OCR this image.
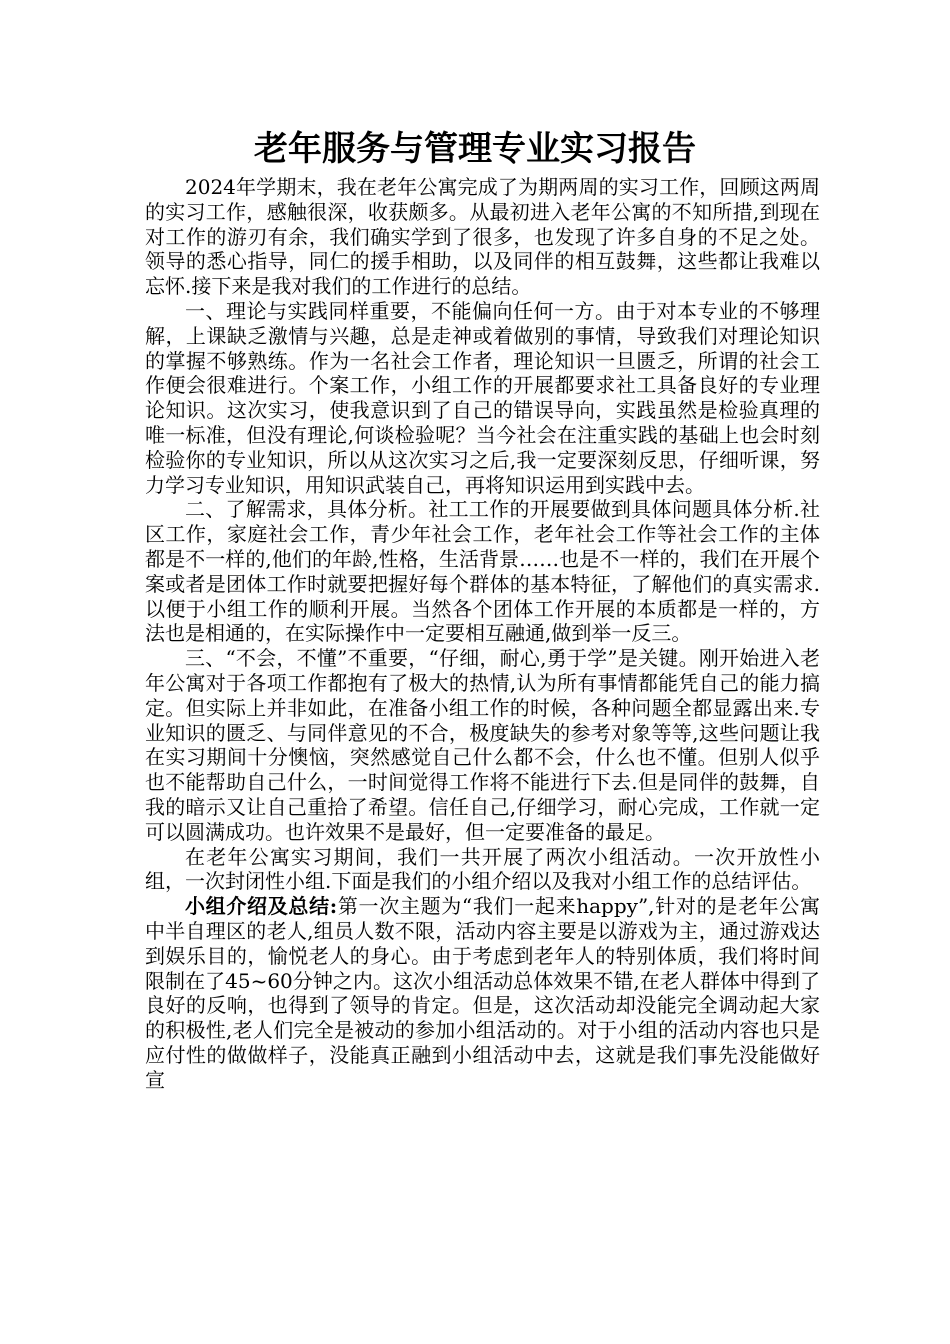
老年服务与管理专业实习报告

2024年学期末，我在老年公寓完成了为期两周的实习工作，回顾这两周的实习工作，感触很深，收获颇多。从最初进入老年公寓的不知所措,到现在对工作的游刃有余，我们确实学到了很多，也发现了许多自身的不足之处。领导的悉心指导，同仁的援手相助，以及同伴的相互鼓舞，这些都让我难以忘怀.接下来是我对我们的工作进行的总结。

一、理论与实践同样重要，不能偏向任何一方。由于对本专业的不够理解，上课缺乏激情与兴趣，总是走神或着做别的事情，导致我们对理论知识的掌握不够熟练。作为一名社会工作者，理论知识一旦匮乏，所谓的社会工作便会很难进行。个案工作，小组工作的开展都要求社工具备良好的专业理论知识。这次实习，使我意识到了自己的错误导向，实践虽然是检验真理的唯一标准，但没有理论,何谈检验呢？当今社会在注重实践的基础上也会时刻检验你的专业知识，所以从这次实习之后,我一定要深刻反思，仔细听课，努力学习专业知识，用知识武装自己，再将知识运用到实践中去。

二、了解需求，具体分析。社工工作的开展要做到具体问题具体分析.社区工作，家庭社会工作，青少年社会工作，老年社会工作等社会工作的主体都是不一样的,他们的年龄,性格，生活背景……也是不一样的，我们在开展个案或者是团体工作时就要把握好每个群体的基本特征，了解他们的真实需求.以便于小组工作的顺利开展。当然各个团体工作开展的本质都是一样的，方法也是相通的，在实际操作中一定要相互融通,做到举一反三。

三、“不会，不懂”不重要，“仔细，耐心,勇于学”是关键。刚开始进入老年公寓对于各项工作都抱有了极大的热情,认为所有事情都能凭自己的能力搞定。但实际上并非如此，在准备小组工作的时候，各种问题全都显露出来.专业知识的匮乏、与同伴意见的不合，极度缺失的参考对象等等,这些问题让我在实习期间十分懊恼，突然感觉自己什么都不会，什么也不懂。但别人似乎也不能帮助自己什么，一时间觉得工作将不能进行下去.但是同伴的鼓舞，自我的暗示又让自己重拾了希望。信任自己,仔细学习，耐心完成，工作就一定可以圆满成功。也许效果不是最好，但一定要准备的最足。

在老年公寓实习期间，我们一共开展了两次小组活动。一次开放性小组，一次封闭性小组.下面是我们的小组介绍以及我对小组工作的总结评估。

小组介绍及总结:第一次主题为“我们一起来happy”,针对的是老年公寓中半自理区的老人,组员人数不限，活动内容主要是以游戏为主，通过游戏达到娱乐目的，愉悦老人的身心。由于考虑到老年人的特别体质，我们将时间限制在了45~60分钟之内。这次小组活动总体效果不错,在老人群体中得到了良好的反响，也得到了领导的肯定。但是，这次活动却没能完全调动起大家的积极性,老人们完全是被动的参加小组活动的。对于小组的活动内容也只是应付性的做做样子，没能真正融到小组活动中去，这就是我们事先没能做好宣
